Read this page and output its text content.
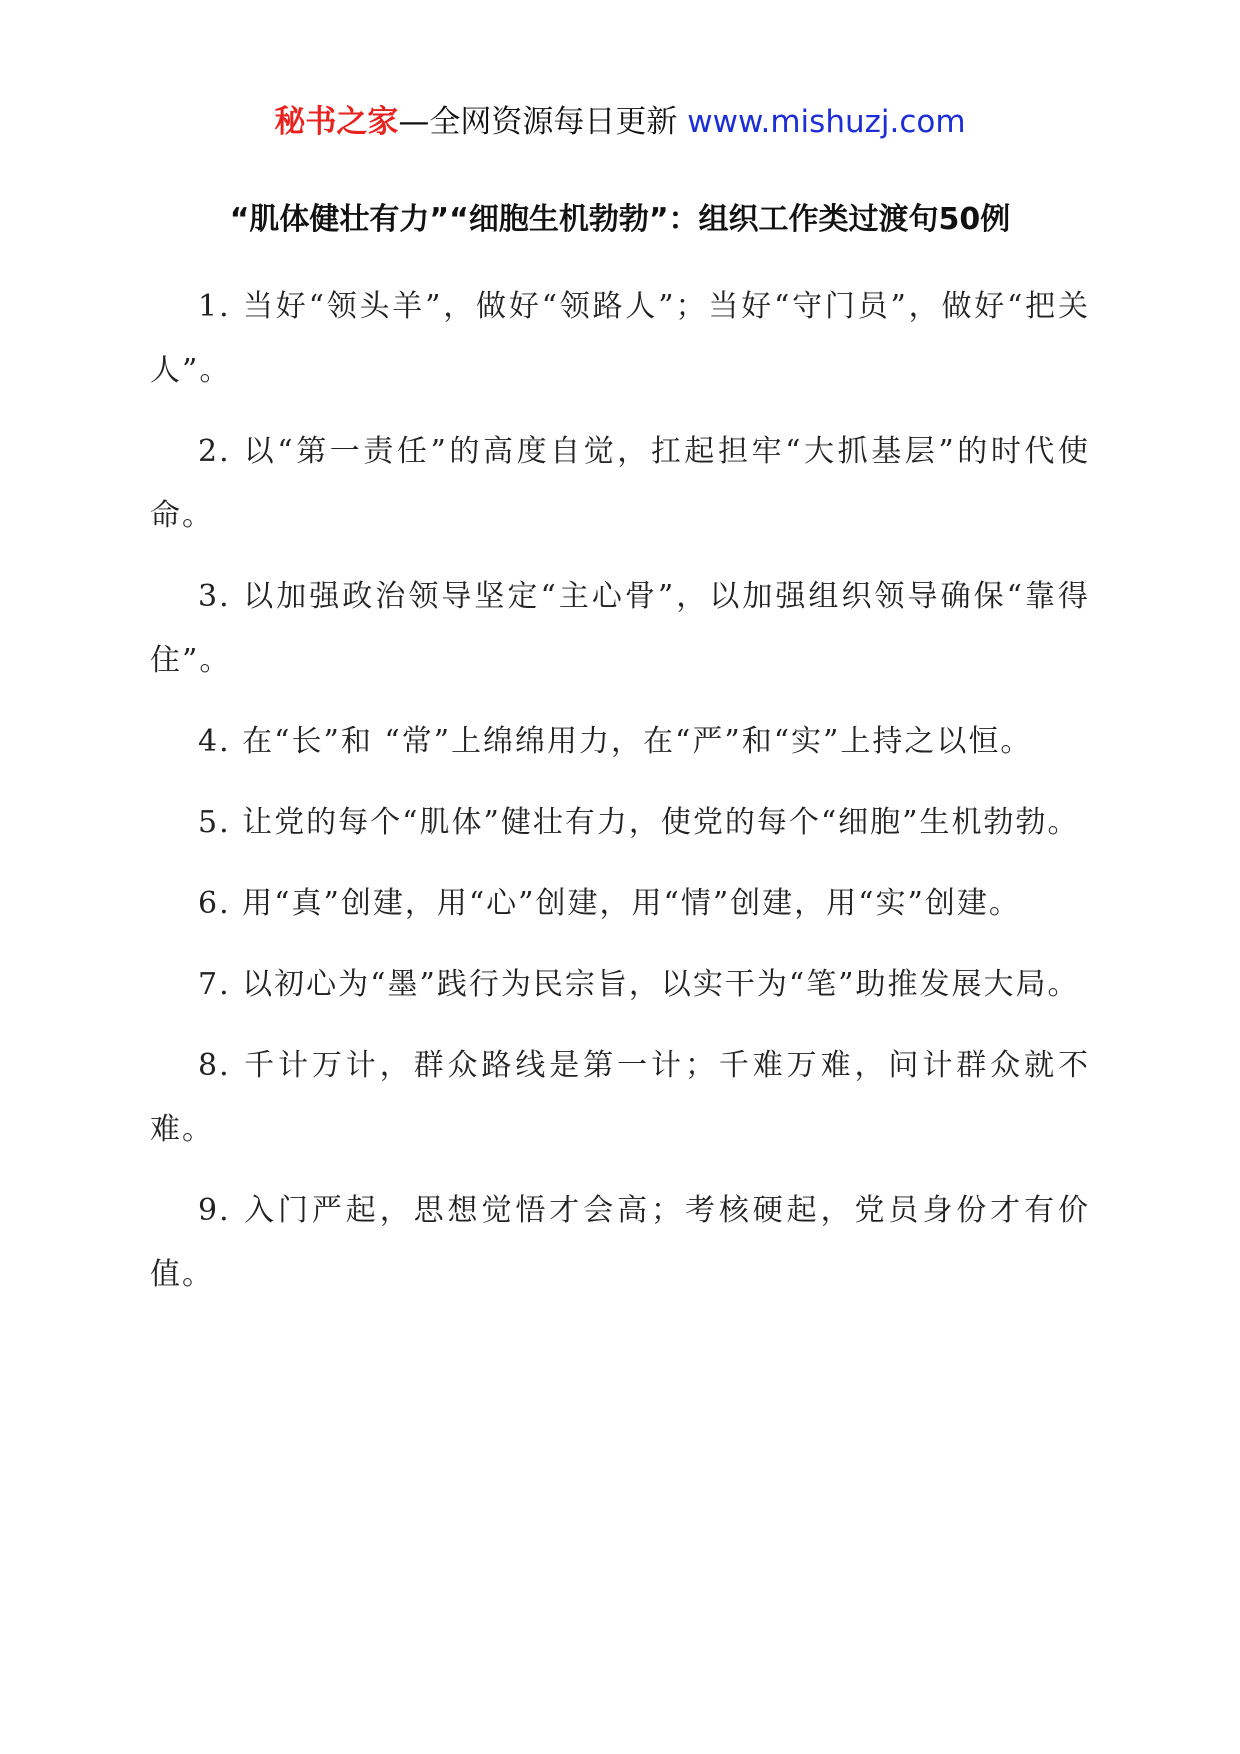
秘书之家—全网资源每日更新 www.mishuzj.com
“肌体健壮有力”“细胞生机勃勃”：组织工作类过渡句50例

1. 当好“领头羊”，做好“领路人”；当好“守门员”，做好“把关人”。

2. 以“第一责任”的高度自觉，扛起担牢“大抓基层”的时代使命。

3. 以加强政治领导坚定“主心骨”，以加强组织领导确保“靠得住”。

4. 在“长”和 “常”上绵绵用力，在“严”和“实”上持之以恒。

5. 让党的每个“肌体”健壮有力，使党的每个“细胞”生机勃勃。

6. 用“真”创建，用“心”创建，用“情”创建，用“实”创建。

7. 以初心为“墨”践行为民宗旨，以实干为“笔”助推发展大局。

8. 千计万计，群众路线是第一计；千难万难，问计群众就不难。

9. 入门严起，思想觉悟才会高；考核硬起，党员身份才有价值。
